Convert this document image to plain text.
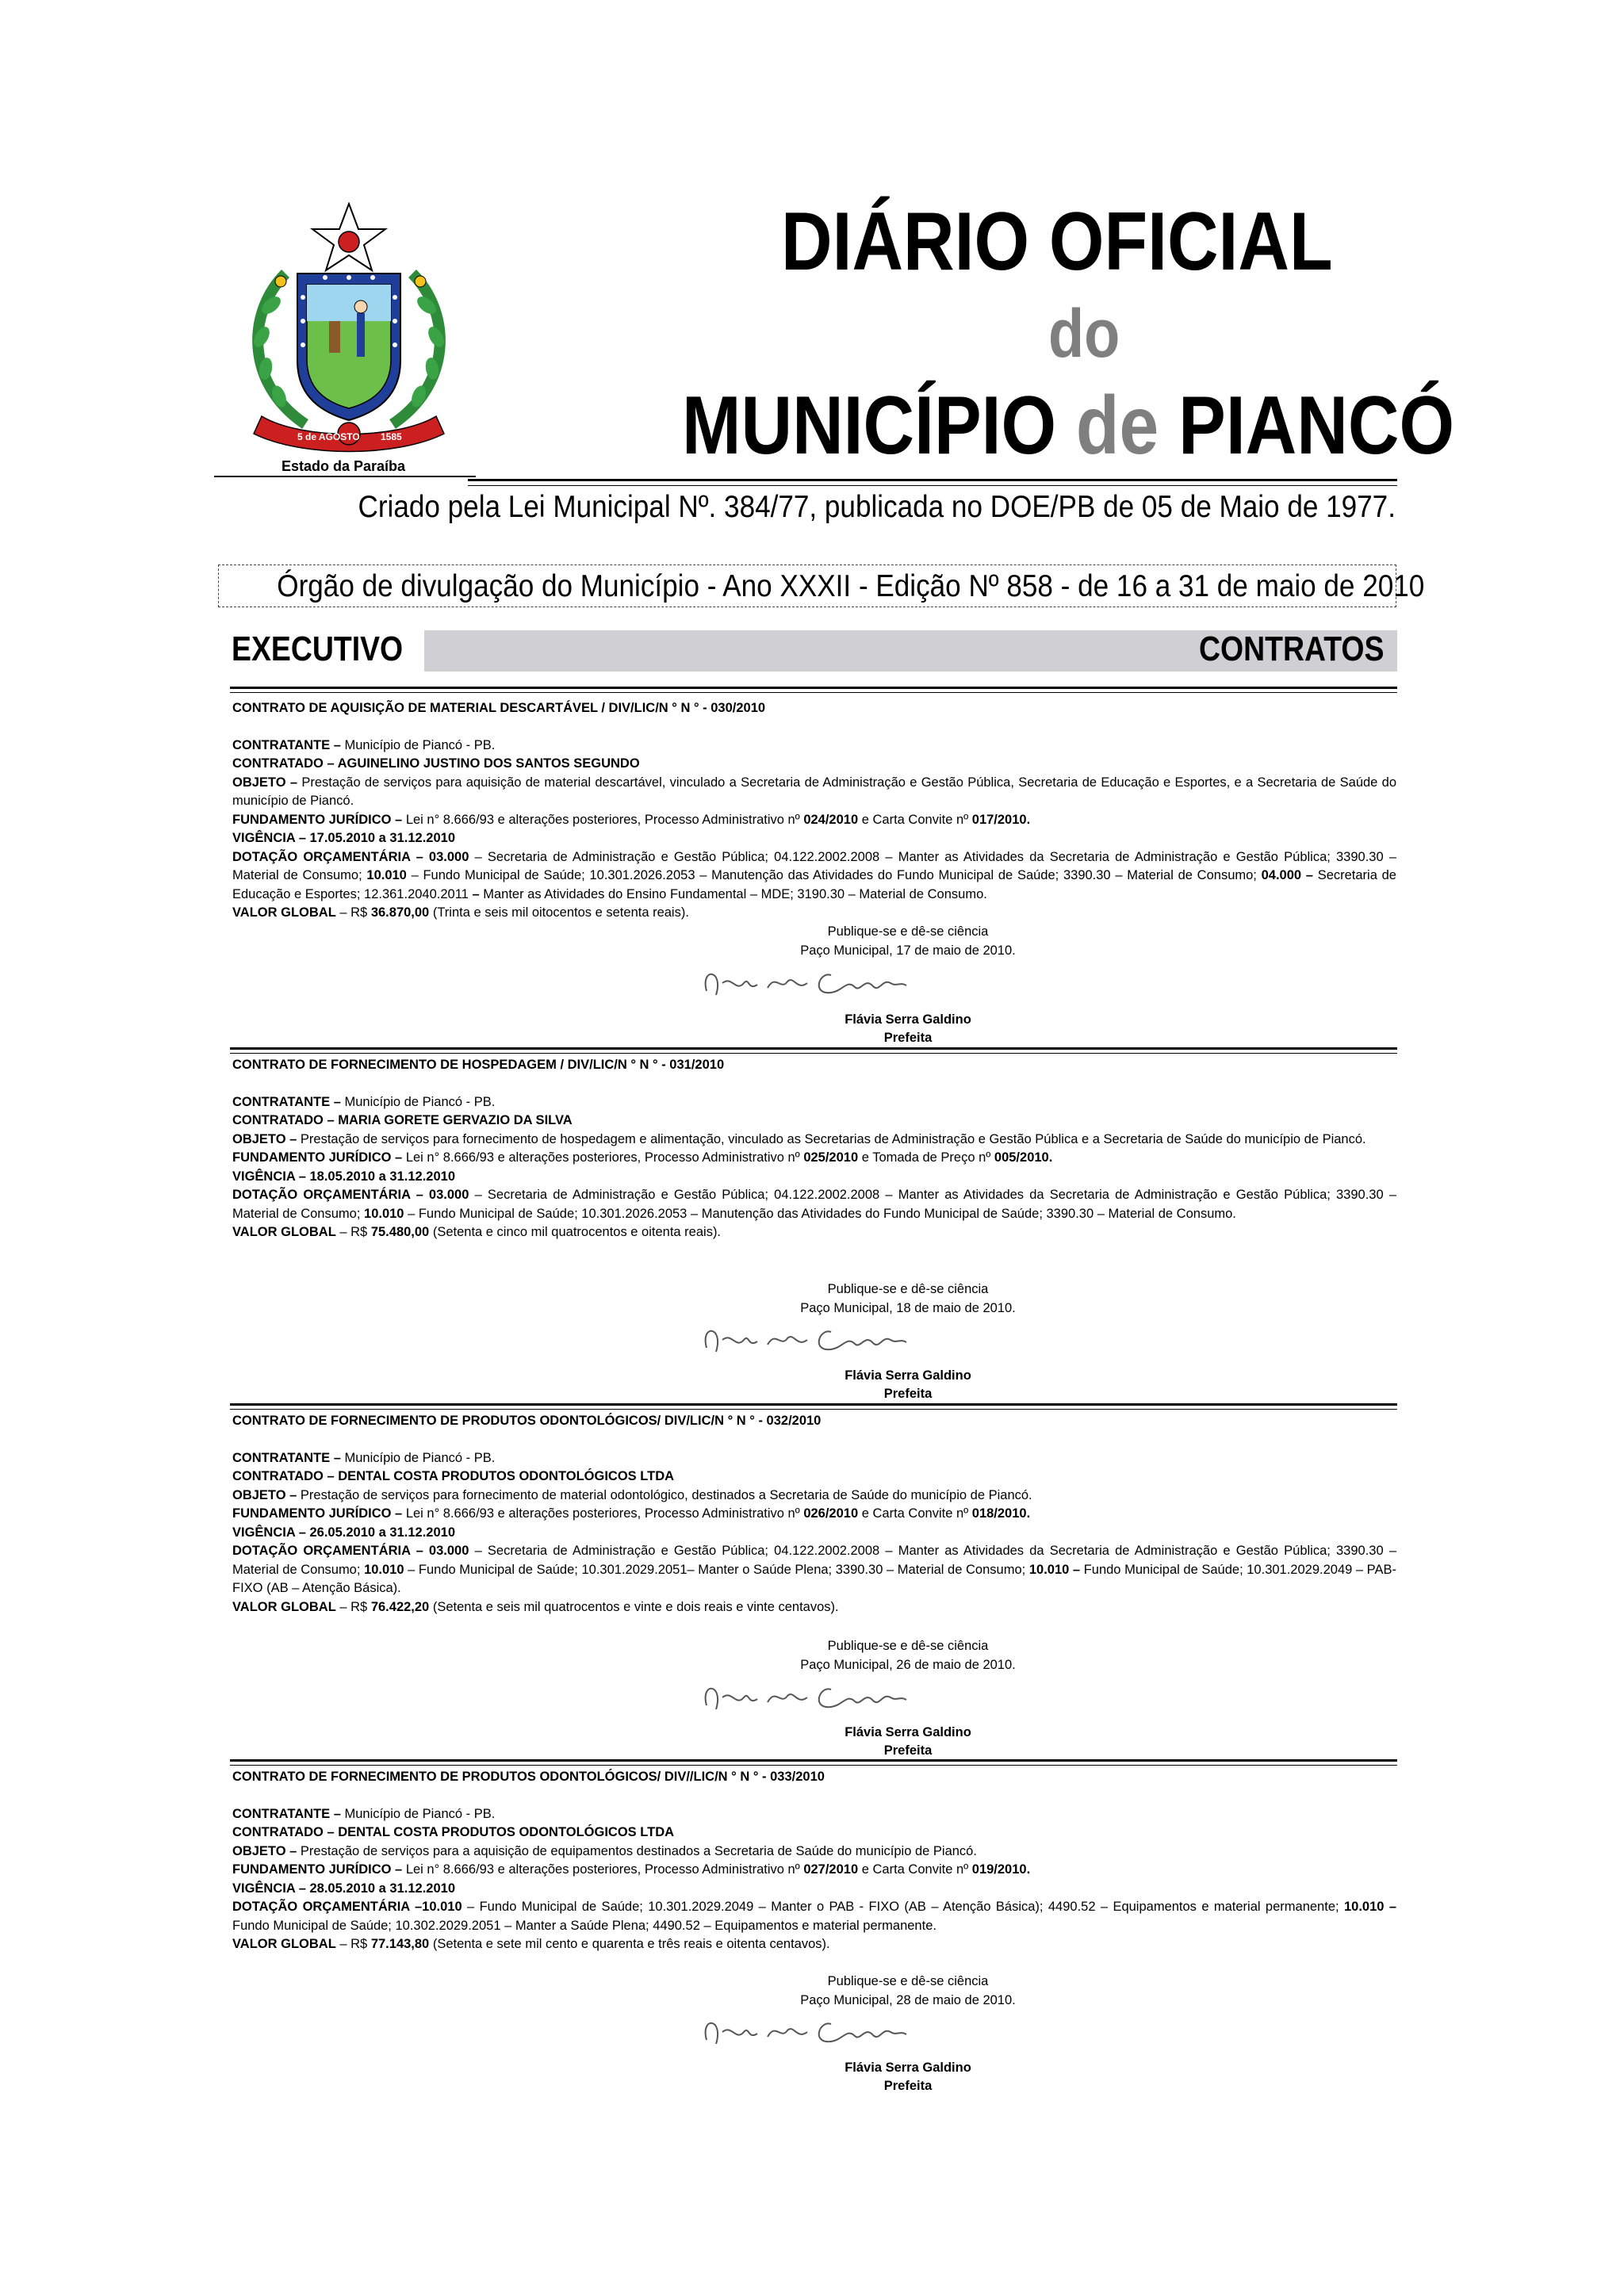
5 de AGOSTO 1585
Estado da Paraíba
DIÁRIO OFICIAL
do
MUNICÍPIO de PIANCÓ
Criado pela Lei Municipal Nº. 384/77, publicada no DOE/PB de 05 de Maio de 1977.
Órgão de divulgação do Município - Ano XXXII - Edição Nº 858 - de 16 a 31 de maio de 2010
EXECUTIVO	CONTRATOS

CONTRATO DE AQUISIÇÃO DE MATERIAL DESCARTÁVEL / DIV/LIC/N ° N ° - 030/2010

CONTRATANTE – Município de Piancó - PB.

CONTRATADO – AGUINELINO JUSTINO DOS SANTOS SEGUNDO

OBJETO – Prestação de serviços para aquisição de material descartável, vinculado a Secretaria de Administração e Gestão Pública, Secretaria de Educação e Esportes, e a Secretaria de Saúde do município de Piancó.

FUNDAMENTO JURÍDICO – Lei n° 8.666/93 e alterações posteriores, Processo Administrativo nº 024/2010 e Carta Convite nº 017/2010.

VIGÊNCIA – 17.05.2010 a 31.12.2010

DOTAÇÃO ORÇAMENTÁRIA – 03.000 – Secretaria de Administração e Gestão Pública; 04.122.2002.2008 – Manter as Atividades da Secretaria de Administração e Gestão Pública; 3390.30 – Material de Consumo; 10.010 – Fundo Municipal de Saúde; 10.301.2026.2053 – Manutenção das Atividades do Fundo Municipal de Saúde; 3390.30 – Material de Consumo; 04.000 – Secretaria de Educação e Esportes; 12.361.2040.2011 – Manter as Atividades do Ensino Fundamental – MDE; 3190.30 – Material de Consumo.

VALOR GLOBAL – R$ 36.870,00 (Trinta e seis mil oitocentos e setenta reais).

Publique-se e dê-se ciência

Paço Municipal, 17 de maio de 2010.

Flávia Serra Galdino
Prefeita

CONTRATO DE FORNECIMENTO DE HOSPEDAGEM / DIV/LIC/N ° N ° - 031/2010

CONTRATANTE – Município de Piancó - PB.

CONTRATADO – MARIA GORETE GERVAZIO DA SILVA

OBJETO – Prestação de serviços para fornecimento de hospedagem e alimentação, vinculado as Secretarias de Administração e Gestão Pública e a Secretaria de Saúde do município de Piancó.

FUNDAMENTO JURÍDICO – Lei n° 8.666/93 e alterações posteriores, Processo Administrativo nº 025/2010 e Tomada de Preço nº 005/2010.

VIGÊNCIA – 18.05.2010 a 31.12.2010

DOTAÇÃO ORÇAMENTÁRIA – 03.000 – Secretaria de Administração e Gestão Pública; 04.122.2002.2008 – Manter as Atividades da Secretaria de Administração e Gestão Pública; 3390.30 – Material de Consumo; 10.010 – Fundo Municipal de Saúde; 10.301.2026.2053 – Manutenção das Atividades do Fundo Municipal de Saúde; 3390.30 – Material de Consumo.

VALOR GLOBAL – R$ 75.480,00 (Setenta e cinco mil quatrocentos e oitenta reais).

Publique-se e dê-se ciência

Paço Municipal, 18 de maio de 2010.

Flávia Serra Galdino
Prefeita

CONTRATO DE FORNECIMENTO DE PRODUTOS ODONTOLÓGICOS/ DIV/LIC/N ° N ° - 032/2010

CONTRATANTE – Município de Piancó - PB.

CONTRATADO – DENTAL COSTA PRODUTOS ODONTOLÓGICOS LTDA

OBJETO – Prestação de serviços para fornecimento de material odontológico, destinados a Secretaria de Saúde do município de Piancó.

FUNDAMENTO JURÍDICO – Lei n° 8.666/93 e alterações posteriores, Processo Administrativo nº 026/2010 e Carta Convite nº 018/2010.

VIGÊNCIA – 26.05.2010 a 31.12.2010

DOTAÇÃO ORÇAMENTÁRIA – 03.000 – Secretaria de Administração e Gestão Pública; 04.122.2002.2008 – Manter as Atividades da Secretaria de Administração e Gestão Pública; 3390.30 – Material de Consumo; 10.010 – Fundo Municipal de Saúde; 10.301.2029.2051– Manter o Saúde Plena; 3390.30 – Material de Consumo; 10.010 – Fundo Municipal de Saúde; 10.301.2029.2049 – PAB-FIXO (AB – Atenção Básica).

VALOR GLOBAL – R$ 76.422,20 (Setenta e seis mil quatrocentos e vinte e dois reais e vinte centavos).

Publique-se e dê-se ciência

Paço Municipal, 26 de maio de 2010.

Flávia Serra Galdino
Prefeita

CONTRATO DE FORNECIMENTO DE PRODUTOS ODONTOLÓGICOS/ DIV//LIC/N ° N ° - 033/2010

CONTRATANTE – Município de Piancó - PB.

CONTRATADO – DENTAL COSTA PRODUTOS ODONTOLÓGICOS LTDA

OBJETO – Prestação de serviços para a aquisição de equipamentos destinados a Secretaria de Saúde do município de Piancó.

FUNDAMENTO JURÍDICO – Lei n° 8.666/93 e alterações posteriores, Processo Administrativo nº 027/2010 e Carta Convite nº 019/2010.

VIGÊNCIA – 28.05.2010 a 31.12.2010

DOTAÇÃO ORÇAMENTÁRIA –10.010 – Fundo Municipal de Saúde; 10.301.2029.2049 – Manter o PAB - FIXO (AB – Atenção Básica); 4490.52 – Equipamentos e material permanente; 10.010 – Fundo Municipal de Saúde; 10.302.2029.2051 – Manter a Saúde Plena; 4490.52 – Equipamentos e material permanente.

VALOR GLOBAL – R$ 77.143,80 (Setenta e sete mil cento e quarenta e três reais e oitenta centavos).

Publique-se e dê-se ciência

Paço Municipal, 28 de maio de 2010.

Flávia Serra Galdino
Prefeita
